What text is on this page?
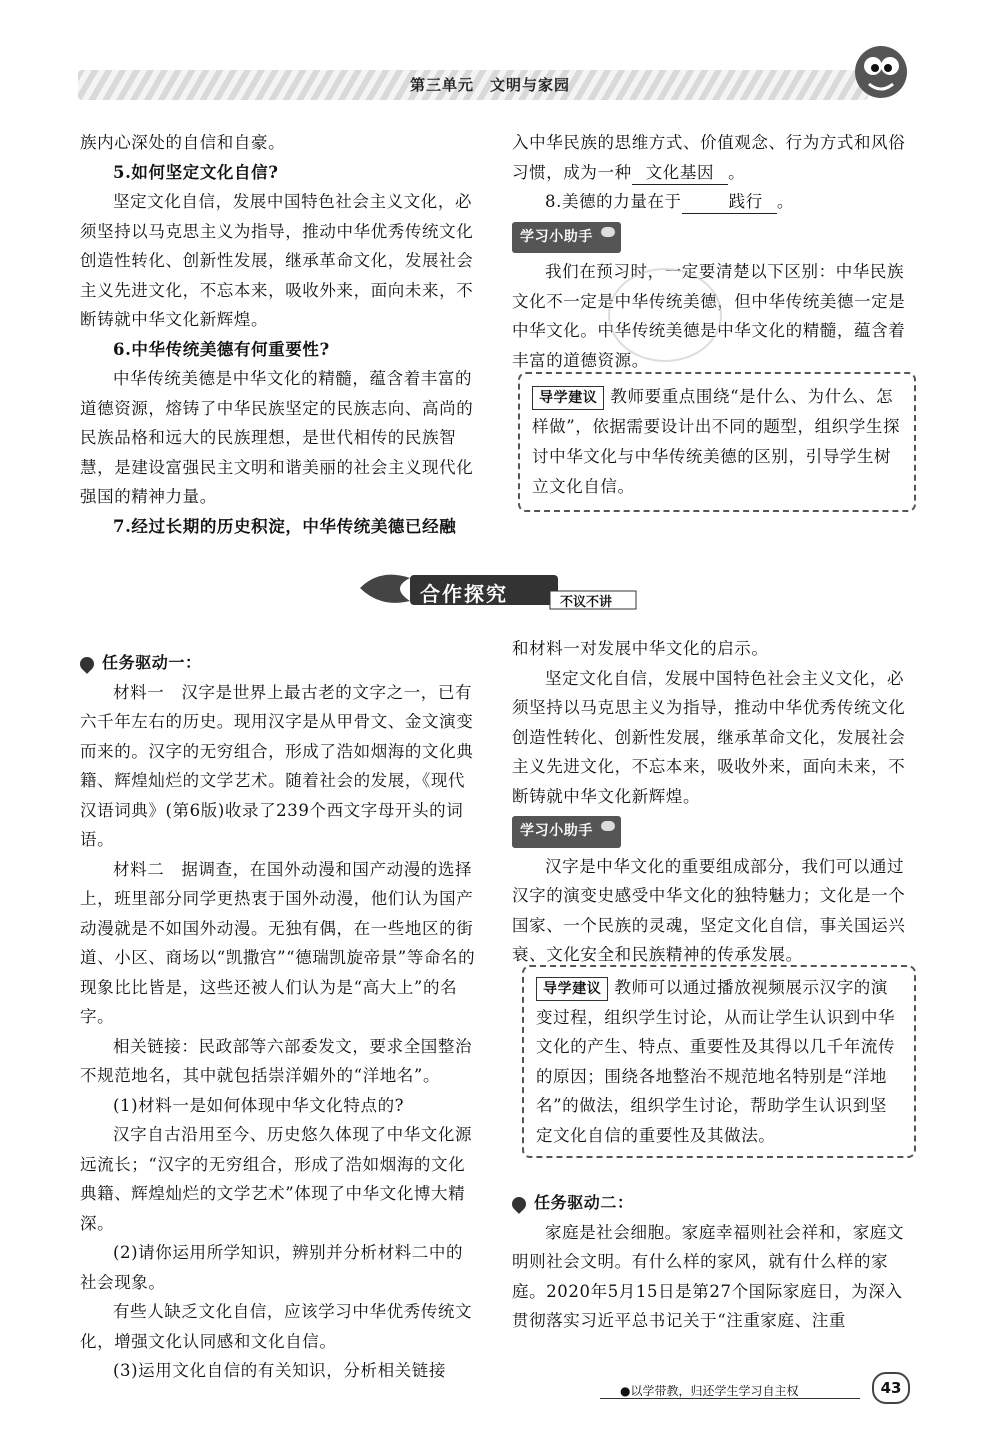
第三单元　文明与家园

族内心深处的自信和自豪。

5.如何坚定文化自信?

坚定文化自信，发展中国特色社会主义文化，必须坚持以马克思主义为指导，推动中华优秀传统文化创造性转化、创新性发展，继承革命文化，发展社会主义先进文化，不忘本来，吸收外来，面向未来，不断铸就中华文化新辉煌。

6.中华传统美德有何重要性?

中华传统美德是中华文化的精髓，蕴含着丰富的道德资源，熔铸了中华民族坚定的民族志向、高尚的民族品格和远大的民族理想，是世代相传的民族智慧，是建设富强民主文明和谐美丽的社会主义现代化强国的精神力量。

7.经过长期的历史积淀，中华传统美德已经融

入中华民族的思维方式、价值观念、行为方式和风俗习惯，成为一种 文化基因 。

8.美德的力量在于	践行 。

学习小助手

我们在预习时，一定要清楚以下区别：中华民族文化不一定是中华传统美德，但中华传统美德一定是中华文化。中华传统美德是中华文化的精髓，蕴含着丰富的道德资源。

导学建议 教师要重点围绕“是什么、为什么、怎样做”，依据需要设计出不同的题型，组织学生探讨中华文化与中华传统美德的区别，引导学生树立文化自信。
合作探究	不议不讲

任务驱动一：

材料一　汉字是世界上最古老的文字之一，已有六千年左右的历史。现用汉字是从甲骨文、金文演变而来的。汉字的无穷组合，形成了浩如烟海的文化典籍、辉煌灿烂的文学艺术。随着社会的发展，《现代汉语词典》(第6版)收录了239个西文字母开头的词语。

材料二　据调查，在国外动漫和国产动漫的选择上，班里部分同学更热衷于国外动漫，他们认为国产动漫就是不如国外动漫。无独有偶，在一些地区的街道、小区、商场以“凯撒宫”“德瑞凯旋帝景”等命名的现象比比皆是，这些还被人们认为是“高大上”的名字。

相关链接：民政部等六部委发文，要求全国整治不规范地名，其中就包括崇洋媚外的“洋地名”。

(1)材料一是如何体现中华文化特点的?

汉字自古沿用至今、历史悠久体现了中华文化源远流长；“汉字的无穷组合，形成了浩如烟海的文化典籍、辉煌灿烂的文学艺术”体现了中华文化博大精深。

(2)请你运用所学知识，辨别并分析材料二中的社会现象。

有些人缺乏文化自信，应该学习中华优秀传统文化，增强文化认同感和文化自信。

(3)运用文化自信的有关知识，分析相关链接

和材料一对发展中华文化的启示。

坚定文化自信，发展中国特色社会主义文化，必须坚持以马克思主义为指导，推动中华优秀传统文化创造性转化、创新性发展，继承革命文化，发展社会主义先进文化，不忘本来，吸收外来，面向未来，不断铸就中华文化新辉煌。

学习小助手

汉字是中华文化的重要组成部分，我们可以通过汉字的演变史感受中华文化的独特魅力；文化是一个国家、一个民族的灵魂，坚定文化自信，事关国运兴衰、文化安全和民族精神的传承发展。

导学建议 教师可以通过播放视频展示汉字的演变过程，组织学生讨论，从而让学生认识到中华文化的产生、特点、重要性及其得以几千年流传的原因；围绕各地整治不规范地名特别是“洋地名”的做法，组织学生讨论，帮助学生认识到坚定文化自信的重要性及其做法。

任务驱动二：

家庭是社会细胞。家庭幸福则社会祥和，家庭文明则社会文明。有什么样的家风，就有什么样的家庭。2020年5月15日是第27个国际家庭日，为深入贯彻落实习近平总书记关于“注重家庭、注重

●以学带教，归还学生学习自主权	43
